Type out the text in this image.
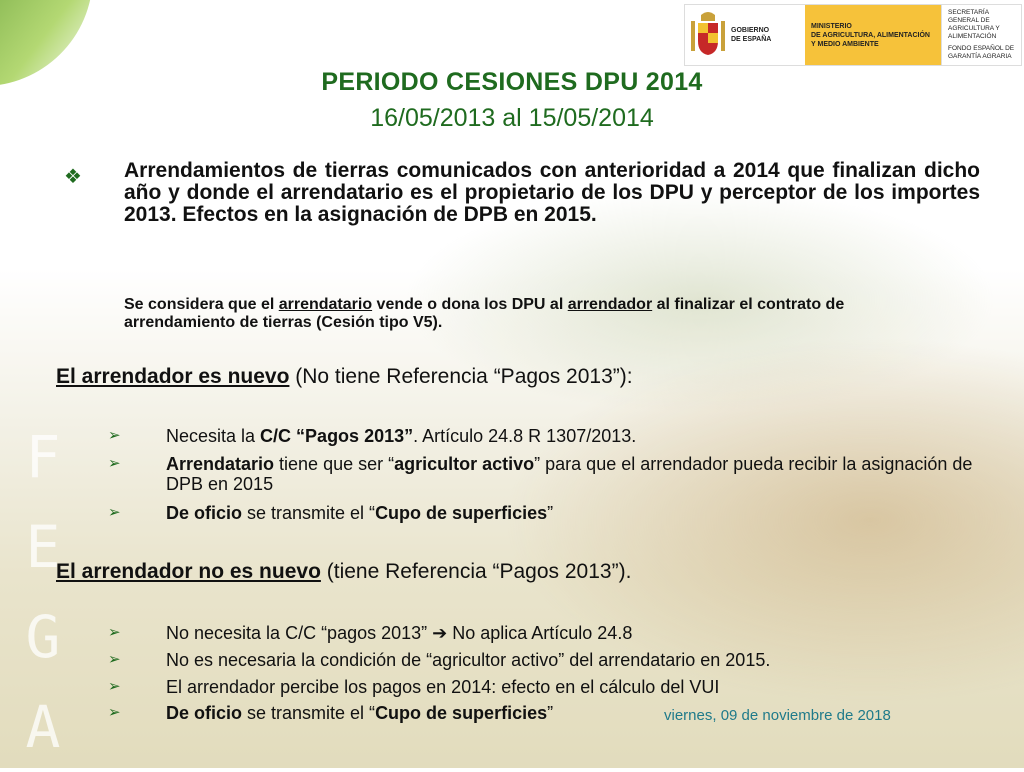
GOBIERNO
DE ESPAÑA
MINISTERIO
DE AGRICULTURA, ALIMENTACIÓN
Y MEDIO AMBIENTE
SECRETARÍA GENERAL DE
AGRICULTURA Y ALIMENTACIÓN
FONDO ESPAÑOL DE
GARANTÍA AGRARIA
F
E
G
A
PERIODO CESIONES DPU 2014
16/05/2013 al 15/05/2014
❖ Arrendamientos de tierras comunicados con anterioridad a 2014 que finalizan dicho año y donde el arrendatario es el propietario de los DPU y perceptor de los importes 2013. Efectos en la asignación de DPB en 2015.
Se considera que el arrendatario vende o dona los DPU al arrendador al finalizar el contrato de arrendamiento de tierras (Cesión tipo V5).
El arrendador es nuevo (No tiene Referencia “Pagos 2013”):
➢	Necesita la C/C “Pagos 2013”. Artículo 24.8 R 1307/2013.
➢	Arrendatario tiene que ser “agricultor activo” para que el arrendador pueda recibir la asignación de DPB en 2015
➢	De oficio se transmite el “Cupo de superficies”
El arrendador no es nuevo (tiene Referencia “Pagos 2013”).
➢	No necesita la C/C “pagos 2013” ➔ No aplica Artículo 24.8
➢	No es necesaria la condición de “agricultor activo” del arrendatario en 2015.
➢	El arrendador percibe los pagos en 2014: efecto en el cálculo del VUI
➢	De oficio se transmite el “Cupo de superficies”	viernes, 09 de noviembre de 2018
